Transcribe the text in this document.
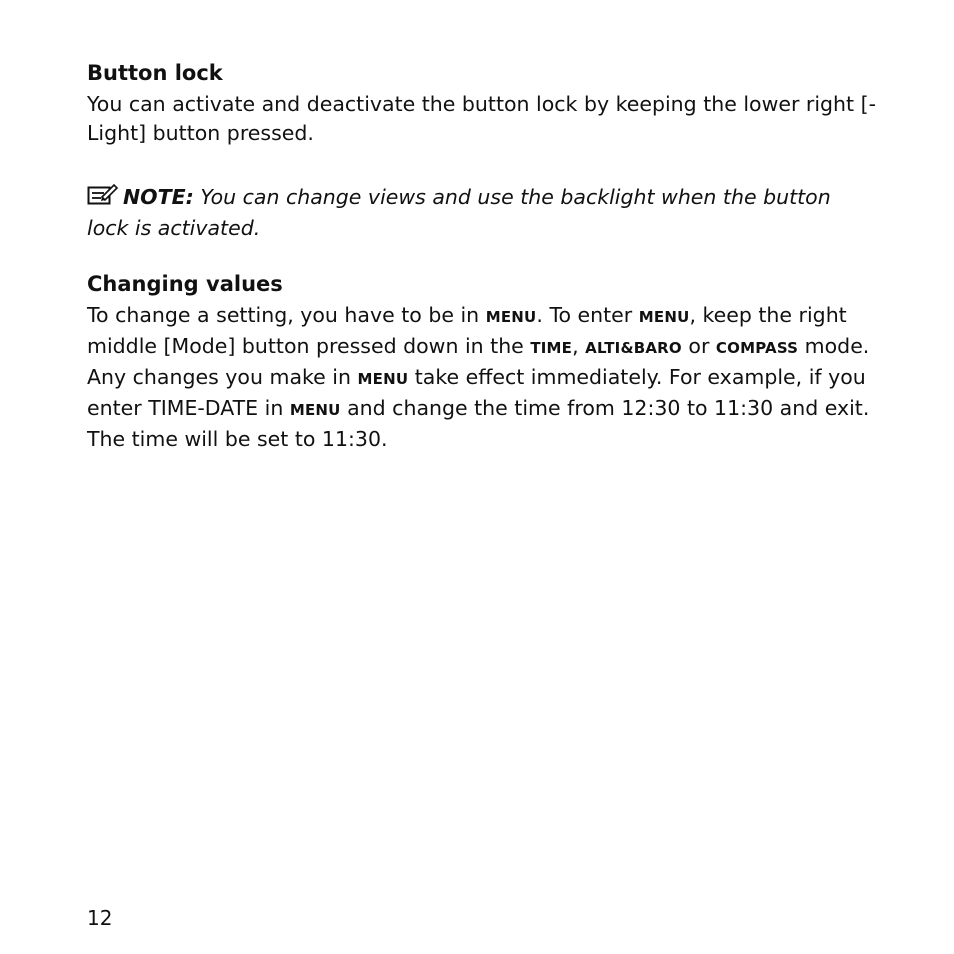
Button lock

You can activate and deactivate the button lock by keeping the lower right [-Light] button pressed.

NOTE: You can change views and use the backlight when the button lock is activated.

Changing values

To change a setting, you have to be in MENU. To enter MENU, keep the right middle [Mode] button pressed down in the TIME, ALTI&BARO or COMPASS mode. Any changes you make in MENU take effect immediately. For example, if you enter TIME-DATE in MENU and change the time from 12:30 to 11:30 and exit. The time will be set to 11:30.

12
